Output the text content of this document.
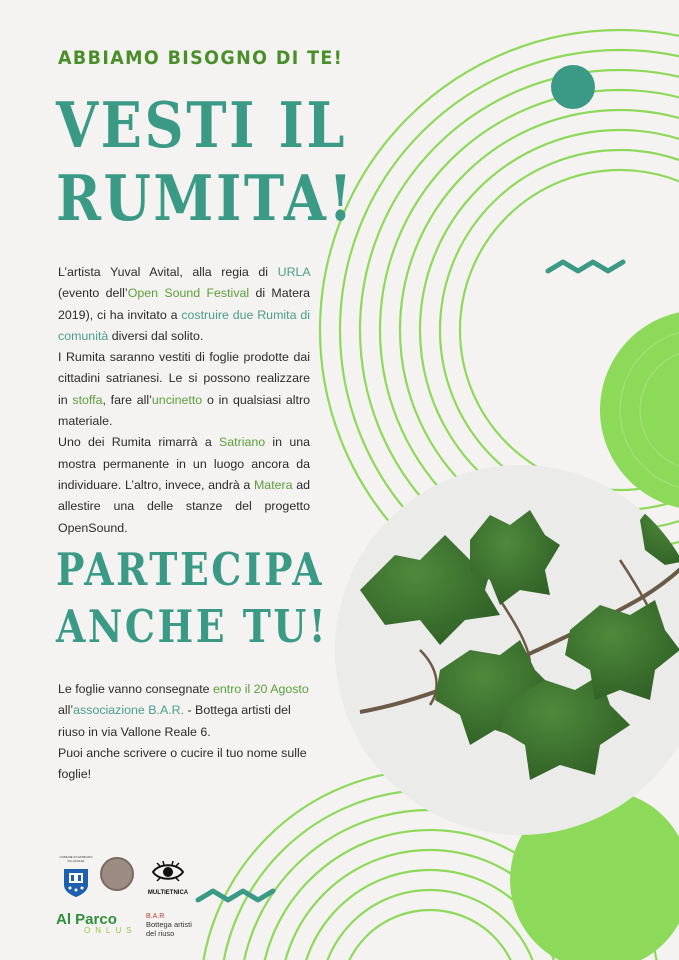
ABBIAMO BISOGNO DI TE!
VESTI IL
RUMITA!
L’artista Yuval Avital, alla regia di URLA (evento dell’Open Sound Festival di Matera 2019), ci ha invitato a costruire due Rumita di comunità diversi dal solito.
I Rumita saranno vestiti di foglie prodotte dai cittadini satrianesi. Le si possono realizzare in stoffa, fare all’uncinetto o in qualsiasi altro materiale.
Uno dei Rumita rimarrà a Satriano in una mostra permanente in un luogo ancora da individuare. L’altro, invece, andrà a Matera ad allestire una delle stanze del progetto OpenSound.
PARTECIPA
ANCHE TU!
Le foglie vanno consegnate entro il 20 Agosto all’associazione B.A.R. - Bottega artisti del riuso in via Vallone Reale 6.
Puoi anche scrivere o cucire il tuo nome sulle foglie!
COMUNE DI SATRIANO DI LUCANIA
MULTIETNICA
Al Parco
ONLUS
B.A.R
Bottega artisti
del riuso
